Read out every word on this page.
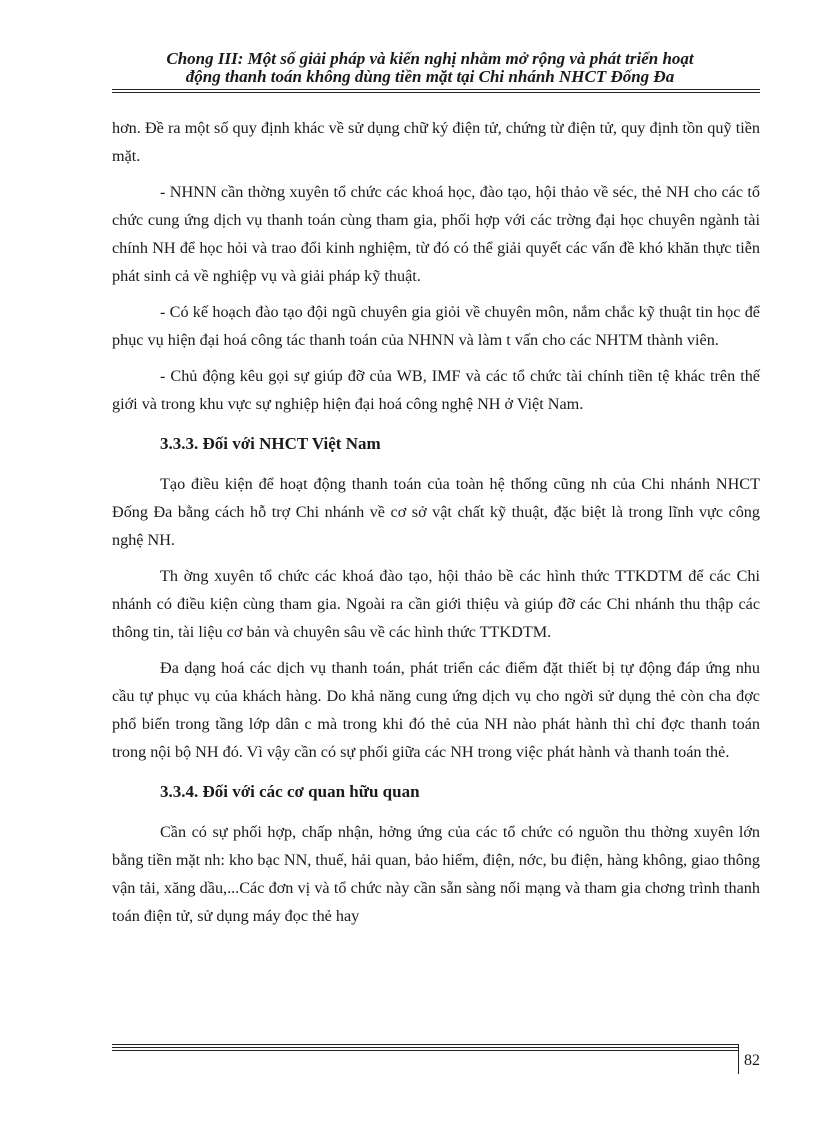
Chong III: Một số giải pháp và kiến nghị nhằm mở rộng và phát triển hoạt
động thanh toán không dùng tiền mặt tại Chi nhánh NHCT Đống Đa

hơn. Đề ra một số quy định khác về sử dụng chữ ký điện tử, chứng từ điện tử, quy định tồn quỹ tiền mặt.

- NHNN cần thờng xuyên tổ chức các khoá học, đào tạo, hội thảo về séc, thẻ NH cho các tổ chức cung ứng dịch vụ thanh toán cùng tham gia, phối hợp với các trờng đại học chuyên ngành tài chính NH để học hỏi và trao đổi kinh nghiệm, từ đó có thể giải quyết các vấn đề khó khăn thực tiễn phát sinh cả về nghiệp vụ và giải pháp kỹ thuật.

- Có kế hoạch đào tạo đội ngũ chuyên gia giỏi về chuyên môn, nắm chắc kỹ thuật tin học để phục vụ hiện đại hoá công tác thanh toán của NHNN và làm t vấn cho các NHTM thành viên.

- Chủ động kêu gọi sự giúp đỡ của WB, IMF và các tổ chức tài chính tiền tệ khác trên thế giới và trong khu vực sự nghiệp hiện đại hoá công nghệ NH ở Việt Nam.

3.3.3. Đối với NHCT Việt Nam

Tạo điều kiện để hoạt động thanh toán của toàn hệ thống cũng nh của Chi nhánh NHCT Đống Đa bằng cách hỗ trợ Chi nhánh về cơ sở vật chất kỹ thuật, đặc biệt là trong lĩnh vực công nghệ NH.

Th ờng xuyên tổ chức các khoá đào tạo, hội thảo bề các hình thức TTKDTM để các Chi nhánh có điều kiện cùng tham gia. Ngoài ra cần giới thiệu và giúp đỡ các Chi nhánh thu thập các thông tin, tài liệu cơ bản và chuyên sâu về các hình thức TTKDTM.

Đa dạng hoá các dịch vụ thanh toán, phát triển các điểm đặt thiết bị tự động đáp ứng nhu cầu tự phục vụ của khách hàng. Do khả năng cung ứng dịch vụ cho ngời sử dụng thẻ còn cha đợc phổ biến trong tầng lớp dân c mà trong khi đó thẻ của NH nào phát hành thì chỉ đợc thanh toán trong nội bộ NH đó. Vì vậy cần có sự phối giữa các NH trong việc phát hành và thanh toán thẻ.

3.3.4. Đối với các cơ quan hữu quan

Cần có sự phối hợp, chấp nhận, hởng ứng của các tổ chức có nguồn thu thờng xuyên lớn bằng tiền mặt nh: kho bạc NN, thuế, hải quan, bảo hiểm, điện, nớc, bu điện, hàng không, giao thông vận tải, xăng dầu,...Các đơn vị và tổ chức này cần sẵn sàng nối mạng và tham gia chơng trình thanh toán điện tử, sử dụng máy đọc thẻ hay

82
